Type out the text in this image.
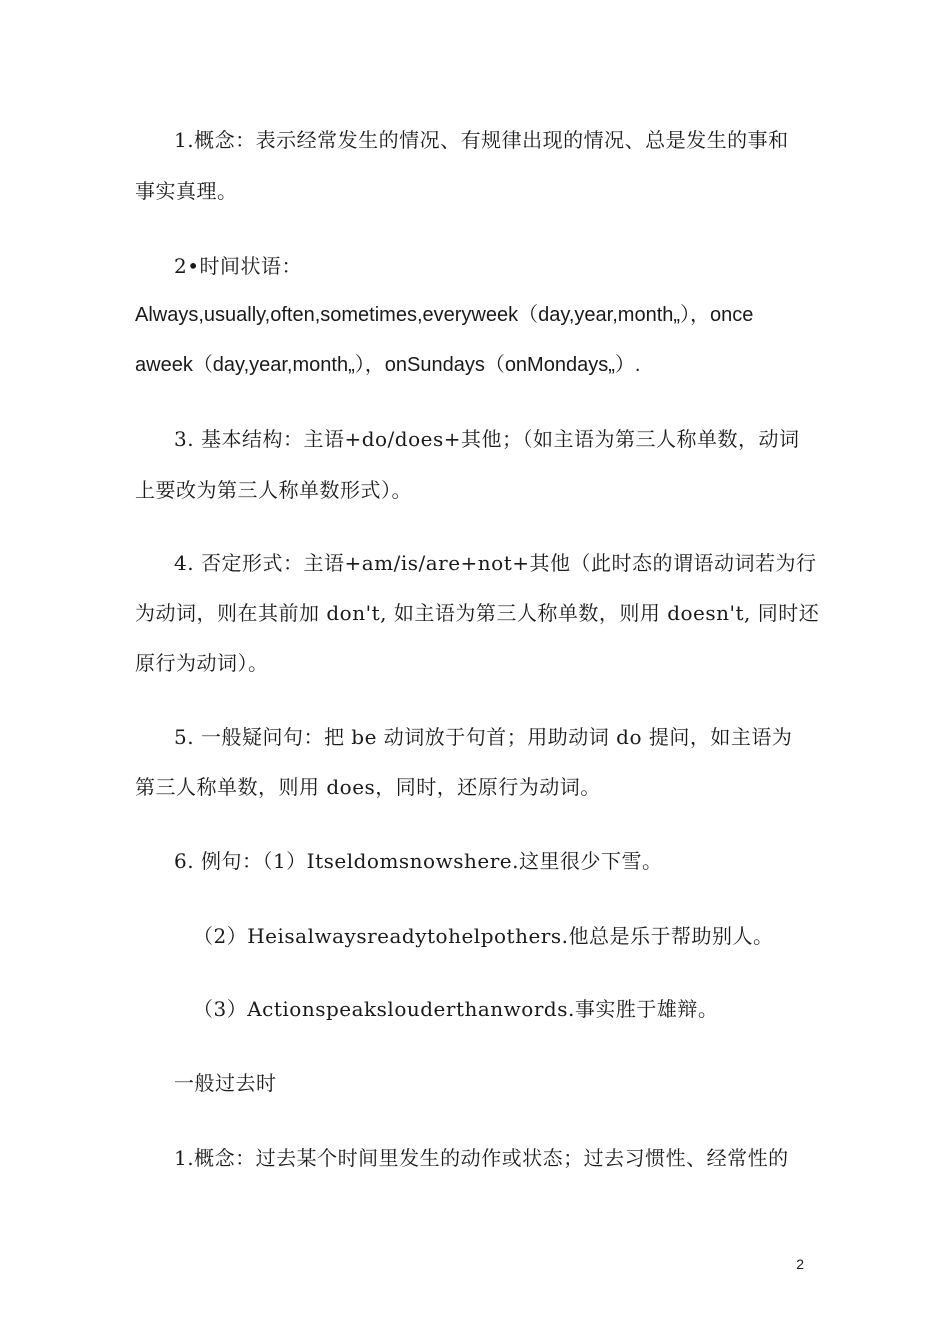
1.概念：表示经常发生的情况、有规律出现的情况、总是发生的事和
事实真理。
2•时间状语：
Always,usually,often,sometimes,everyweek（day,year,month„），once
aweek（day,year,month„），onSundays（onMondays„）.
3. 基本结构：主语+do/does+其他；（如主语为第三人称单数，动词
上要改为第三人称单数形式）。
4. 否定形式：主语+am/is/are+not+其他（此时态的谓语动词若为行
为动词，则在其前加 don't, 如主语为第三人称单数，则用 doesn't, 同时还
原行为动词）。
5. 一般疑问句：把 be 动词放于句首；用助动词 do 提问，如主语为
第三人称单数，则用 does，同时，还原行为动词。
6. 例句：（1）Itseldomsnowshere.这里很少下雪。
（2）Heisalwaysreadytohelpothers.他总是乐于帮助别人。
（3）Actionspeakslouderthanwords.事实胜于雄辩。
一般过去时
1.概念：过去某个时间里发生的动作或状态；过去习惯性、经常性的
2
